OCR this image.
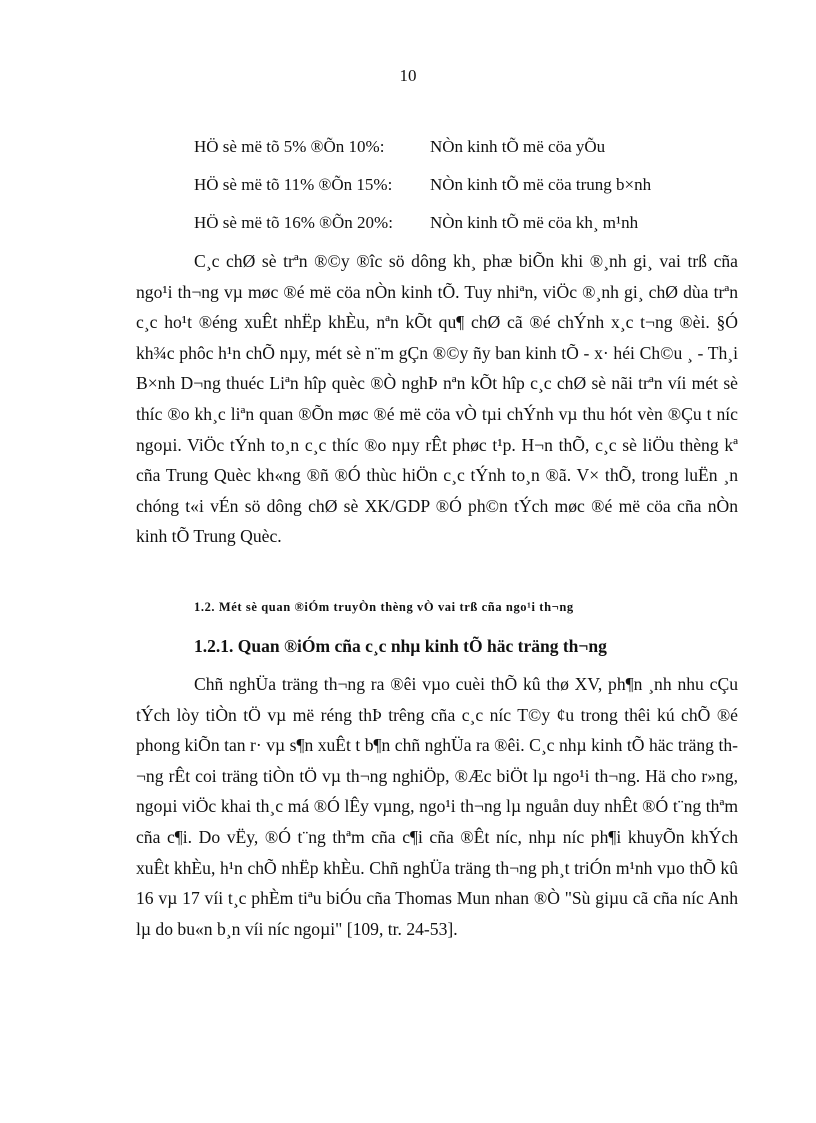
10
HÖ sè më tõ 5% ®Õn 10%:	NÒn kinh tÕ më cöa yÕu
HÖ sè më tõ 11% ®Õn 15%: NÒn kinh tÕ më cöa trung b×nh
HÖ sè më tõ 16% ®Õn 20%: NÒn kinh tÕ më cöa kh¸ m¹nh

C¸c chØ sè trªn ®©y ®îc sö dông kh¸ phæ biÕn khi ®¸nh gi¸ vai trß cña ngo¹i th¬ng vµ møc ®é më cöa nÒn kinh tÕ. Tuy nhiªn, viÖc ®¸nh gi¸ chØ dùa trªn c¸c ho¹t ®éng xuÊt nhËp khÈu, nªn kÕt qu¶ chØ cã ®é chÝnh x¸c t¬ng ®èi. §Ó kh¾c phôc h¹n chÕ nµy, mét sè n¨m gÇn ®©y ñy ban kinh tÕ - x· héi Ch©u ¸ - Th¸i B×nh D¬ng thuéc Liªn hîp quèc ®Ò nghÞ nªn kÕt hîp c¸c chØ sè nãi trªn víi mét sè thíc ®o kh¸c liªn quan ®Õn møc ®é më cöa vÒ tµi chÝnh vµ thu hót vèn ®Çu t níc ngoµi. ViÖc tÝnh to¸n c¸c thíc ®o nµy rÊt phøc t¹p. H¬n thÕ, c¸c sè liÖu thèng kª cña Trung Quèc kh«ng ®ñ ®Ó thùc hiÖn c¸c tÝnh to¸n ®ã. V× thÕ, trong luËn ¸n chóng t«i vÉn sö dông chØ sè XK/GDP ®Ó ph©n tÝch møc ®é më cöa cña nÒn kinh tÕ Trung Quèc.

1.2. Mét sè quan ®iÓm truyÒn thèng vÒ vai trß cña ngo¹i th¬ng
1.2.1. Quan ®iÓm cña c¸c nhµ kinh tÕ häc träng th¬ng

Chñ nghÜa träng th¬ng ra ®êi vµo cuèi thÕ kû thø XV, ph¶n ¸nh nhu cÇu tÝch lòy tiÒn tÖ vµ më réng thÞ trêng cña c¸c níc T©y ¢u trong thêi kú chÕ ®é phong kiÕn tan r· vµ s¶n xuÊt t b¶n chñ nghÜa ra ®êi. C¸c nhµ kinh tÕ häc träng th¬ng rÊt coi träng tiÒn tÖ vµ th¬ng nghiÖp, ®Æc biÖt lµ ngo¹i th¬ng. Hä cho r»ng, ngoµi viÖc khai th¸c má ®Ó lÊy vµng, ngo¹i th¬ng lµ nguån duy nhÊt ®Ó t¨ng thªm cña c¶i. Do vËy, ®Ó t¨ng thªm cña c¶i cña ®Êt níc, nhµ níc ph¶i khuyÕn khÝch xuÊt khÈu, h¹n chÕ nhËp khÈu. Chñ nghÜa träng th¬ng ph¸t triÓn m¹nh vµo thÕ kû 16 vµ 17 víi t¸c phÈm tiªu biÓu cña Thomas Mun nhan ®Ò "Sù giµu cã cña níc Anh lµ do bu«n b¸n víi níc ngoµi" [109, tr. 24-53].
